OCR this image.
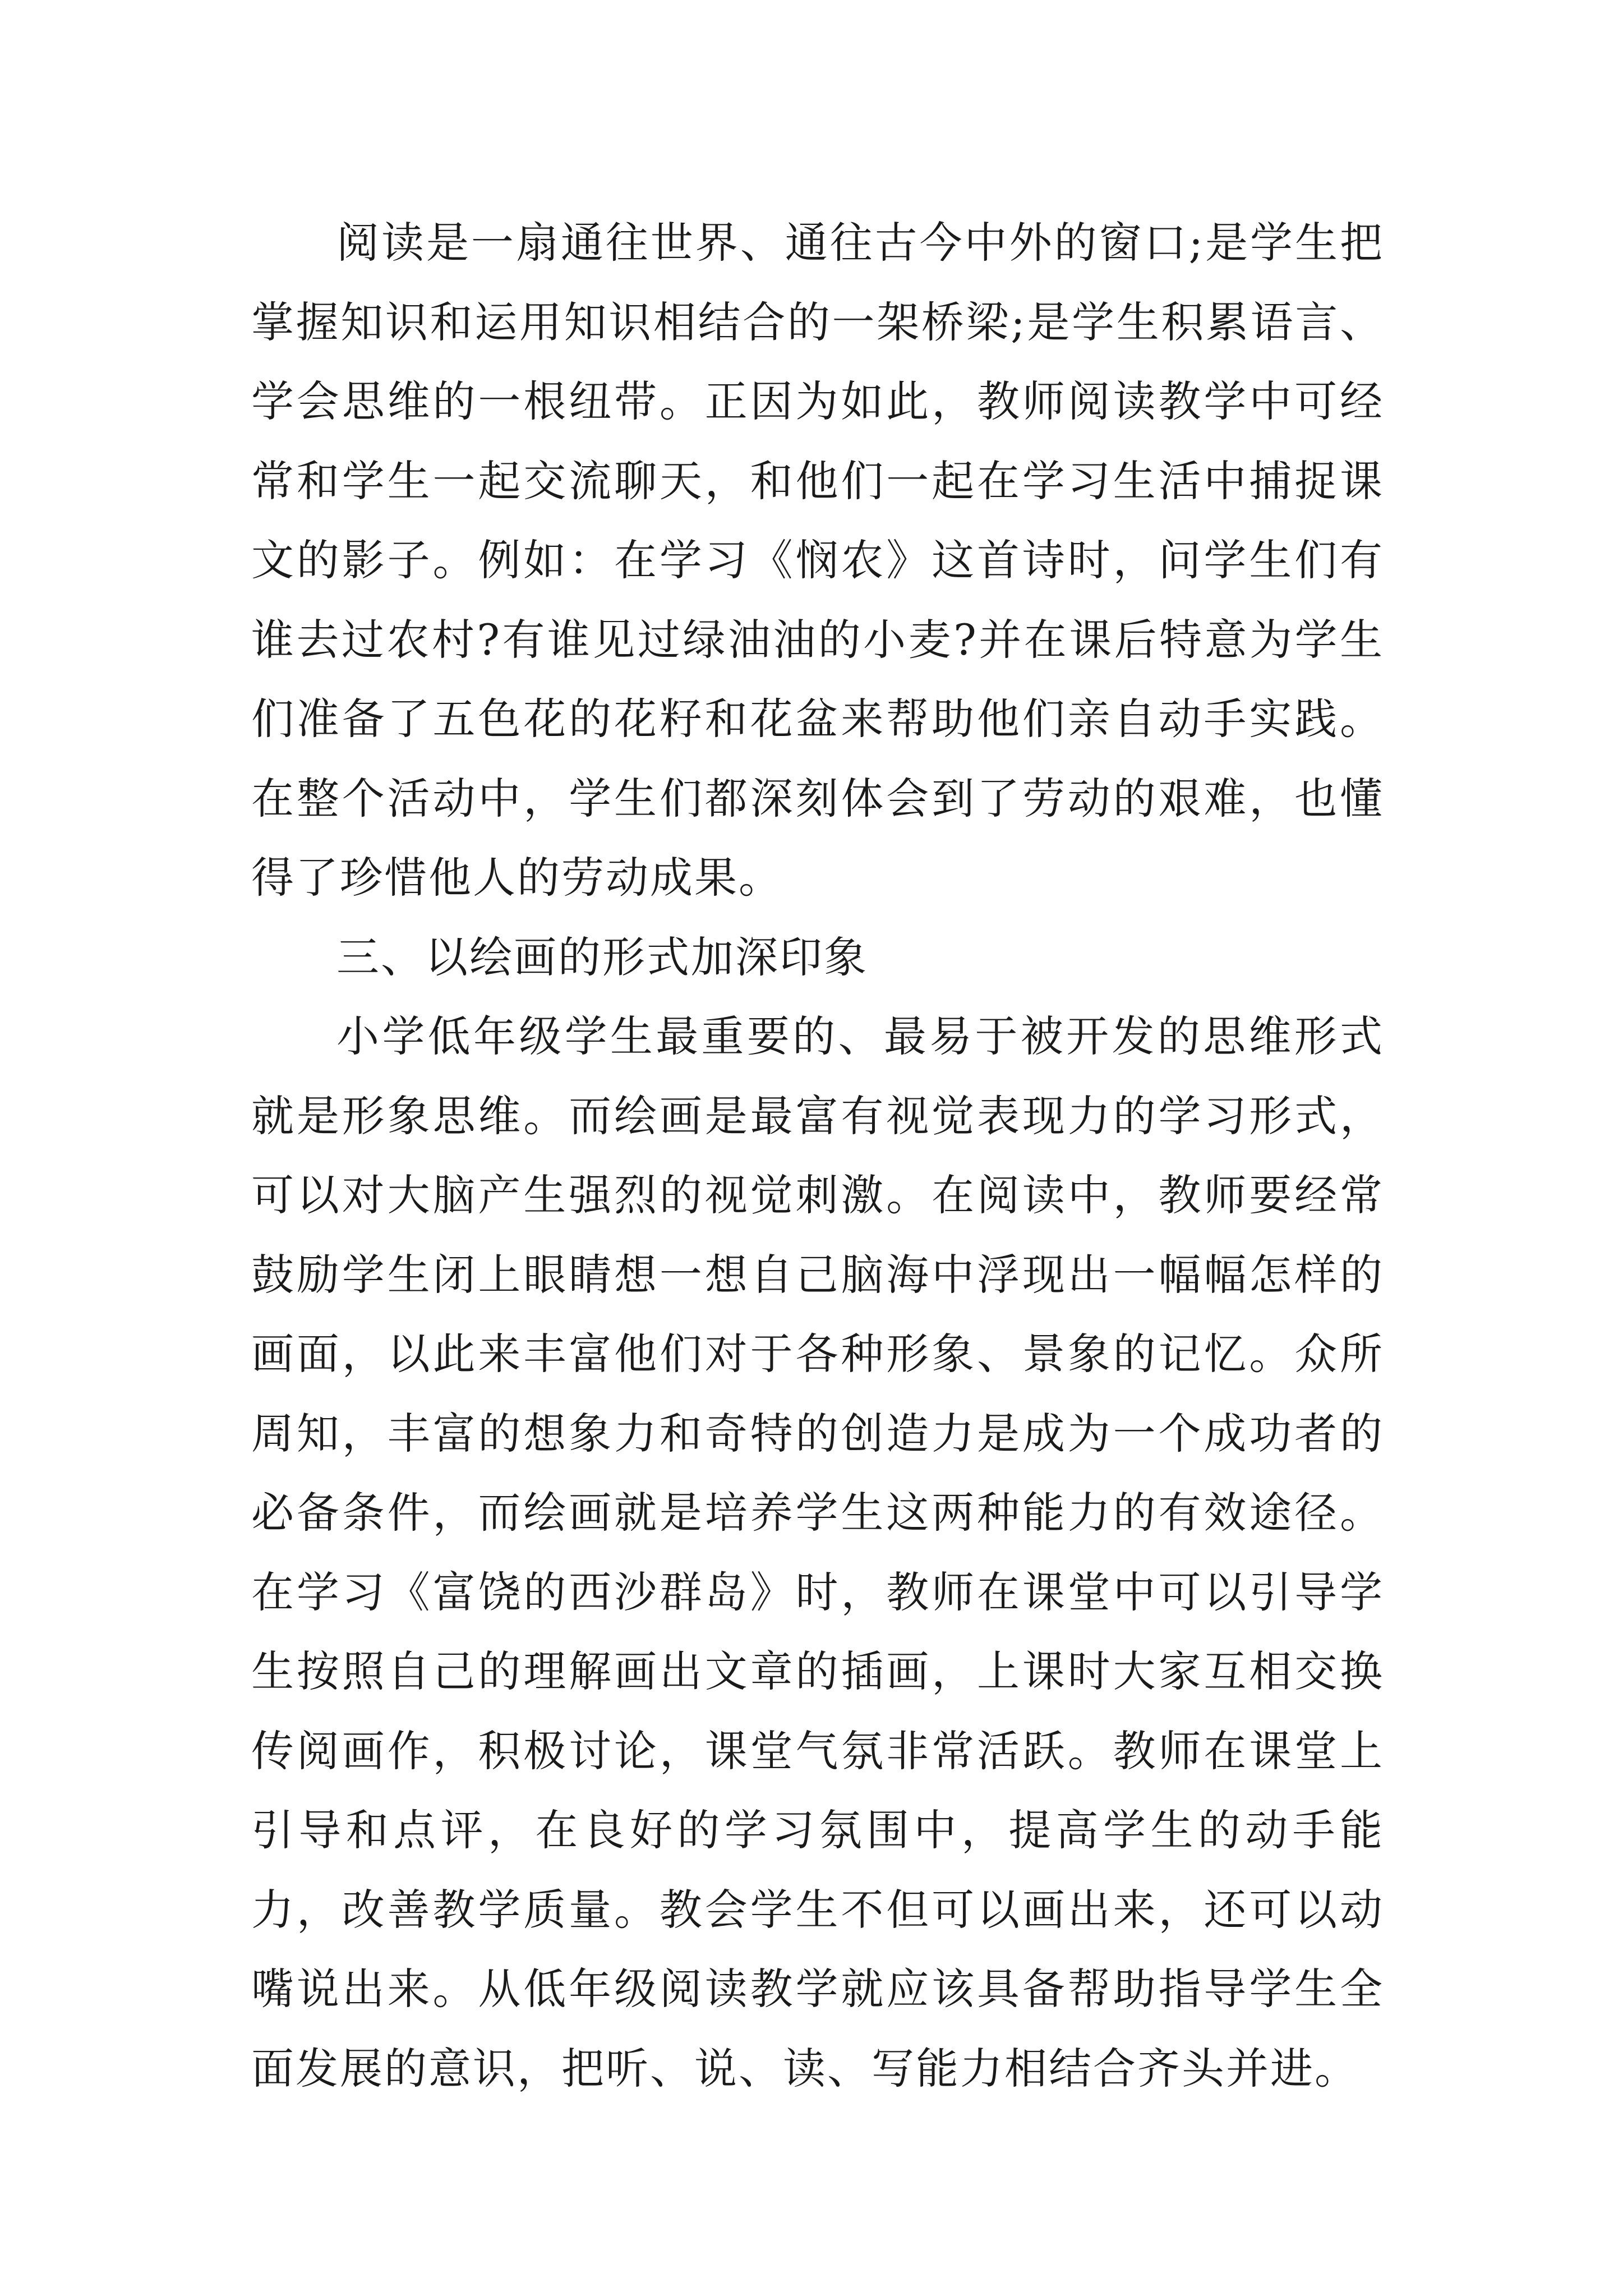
阅读是一扇通往世界、通往古今中外的窗口;是学生把掌握知识和运用知识相结合的一架桥梁;是学生积累语言、学会思维的一根纽带。正因为如此，教师阅读教学中可经常和学生一起交流聊天，和他们一起在学习生活中捕捉课文的影子。例如：在学习《悯农》这首诗时，问学生们有谁去过农村?有谁见过绿油油的小麦?并在课后特意为学生们准备了五色花的花籽和花盆来帮助他们亲自动手实践。在整个活动中，学生们都深刻体会到了劳动的艰难，也懂得了珍惜他人的劳动成果。

三、以绘画的形式加深印象

小学低年级学生最重要的、最易于被开发的思维形式就是形象思维。而绘画是最富有视觉表现力的学习形式，可以对大脑产生强烈的视觉刺激。在阅读中，教师要经常鼓励学生闭上眼睛想一想自己脑海中浮现出一幅幅怎样的画面，以此来丰富他们对于各种形象、景象的记忆。众所周知，丰富的想象力和奇特的创造力是成为一个成功者的必备条件，而绘画就是培养学生这两种能力的有效途径。在学习《富饶的西沙群岛》时，教师在课堂中可以引导学生按照自己的理解画出文章的插画，上课时大家互相交换传阅画作，积极讨论，课堂气氛非常活跃。教师在课堂上引导和点评，在良好的学习氛围中，提高学生的动手能力，改善教学质量。教会学生不但可以画出来，还可以动嘴说出来。从低年级阅读教学就应该具备帮助指导学生全面发展的意识，把听、说、读、写能力相结合齐头并进。
